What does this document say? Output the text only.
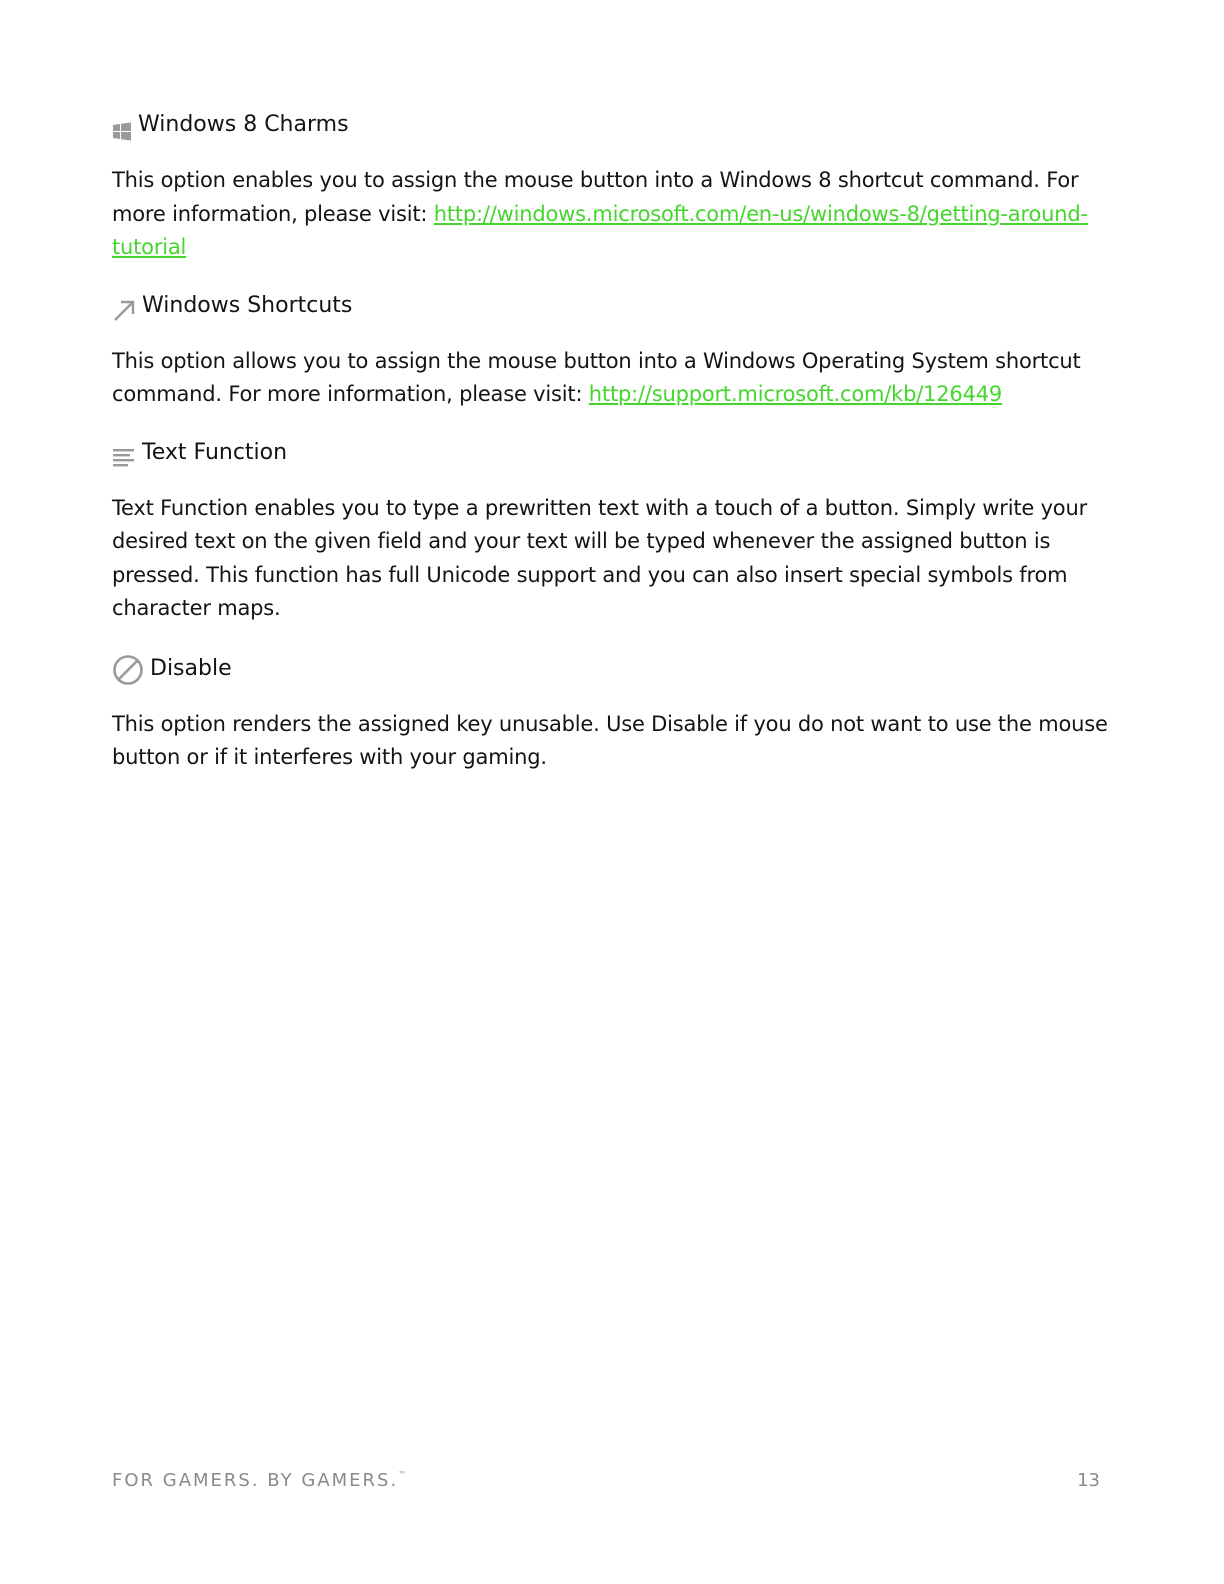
Windows 8 Charms

This option enables you to assign the mouse button into a Windows 8 shortcut command. For more information, please visit: http://windows.microsoft.com/en-us/windows-8/getting-around-tutorial

Windows Shortcuts

This option allows you to assign the mouse button into a Windows Operating System shortcut command. For more information, please visit: http://support.microsoft.com/kb/126449

Text Function

Text Function enables you to type a prewritten text with a touch of a button. Simply write your desired text on the given field and your text will be typed whenever the assigned button is pressed. This function has full Unicode support and you can also insert special symbols from character maps.

Disable

This option renders the assigned key unusable. Use Disable if you do not want to use the mouse button or if it interferes with your gaming.

FOR GAMERS. BY GAMERS.™	13
